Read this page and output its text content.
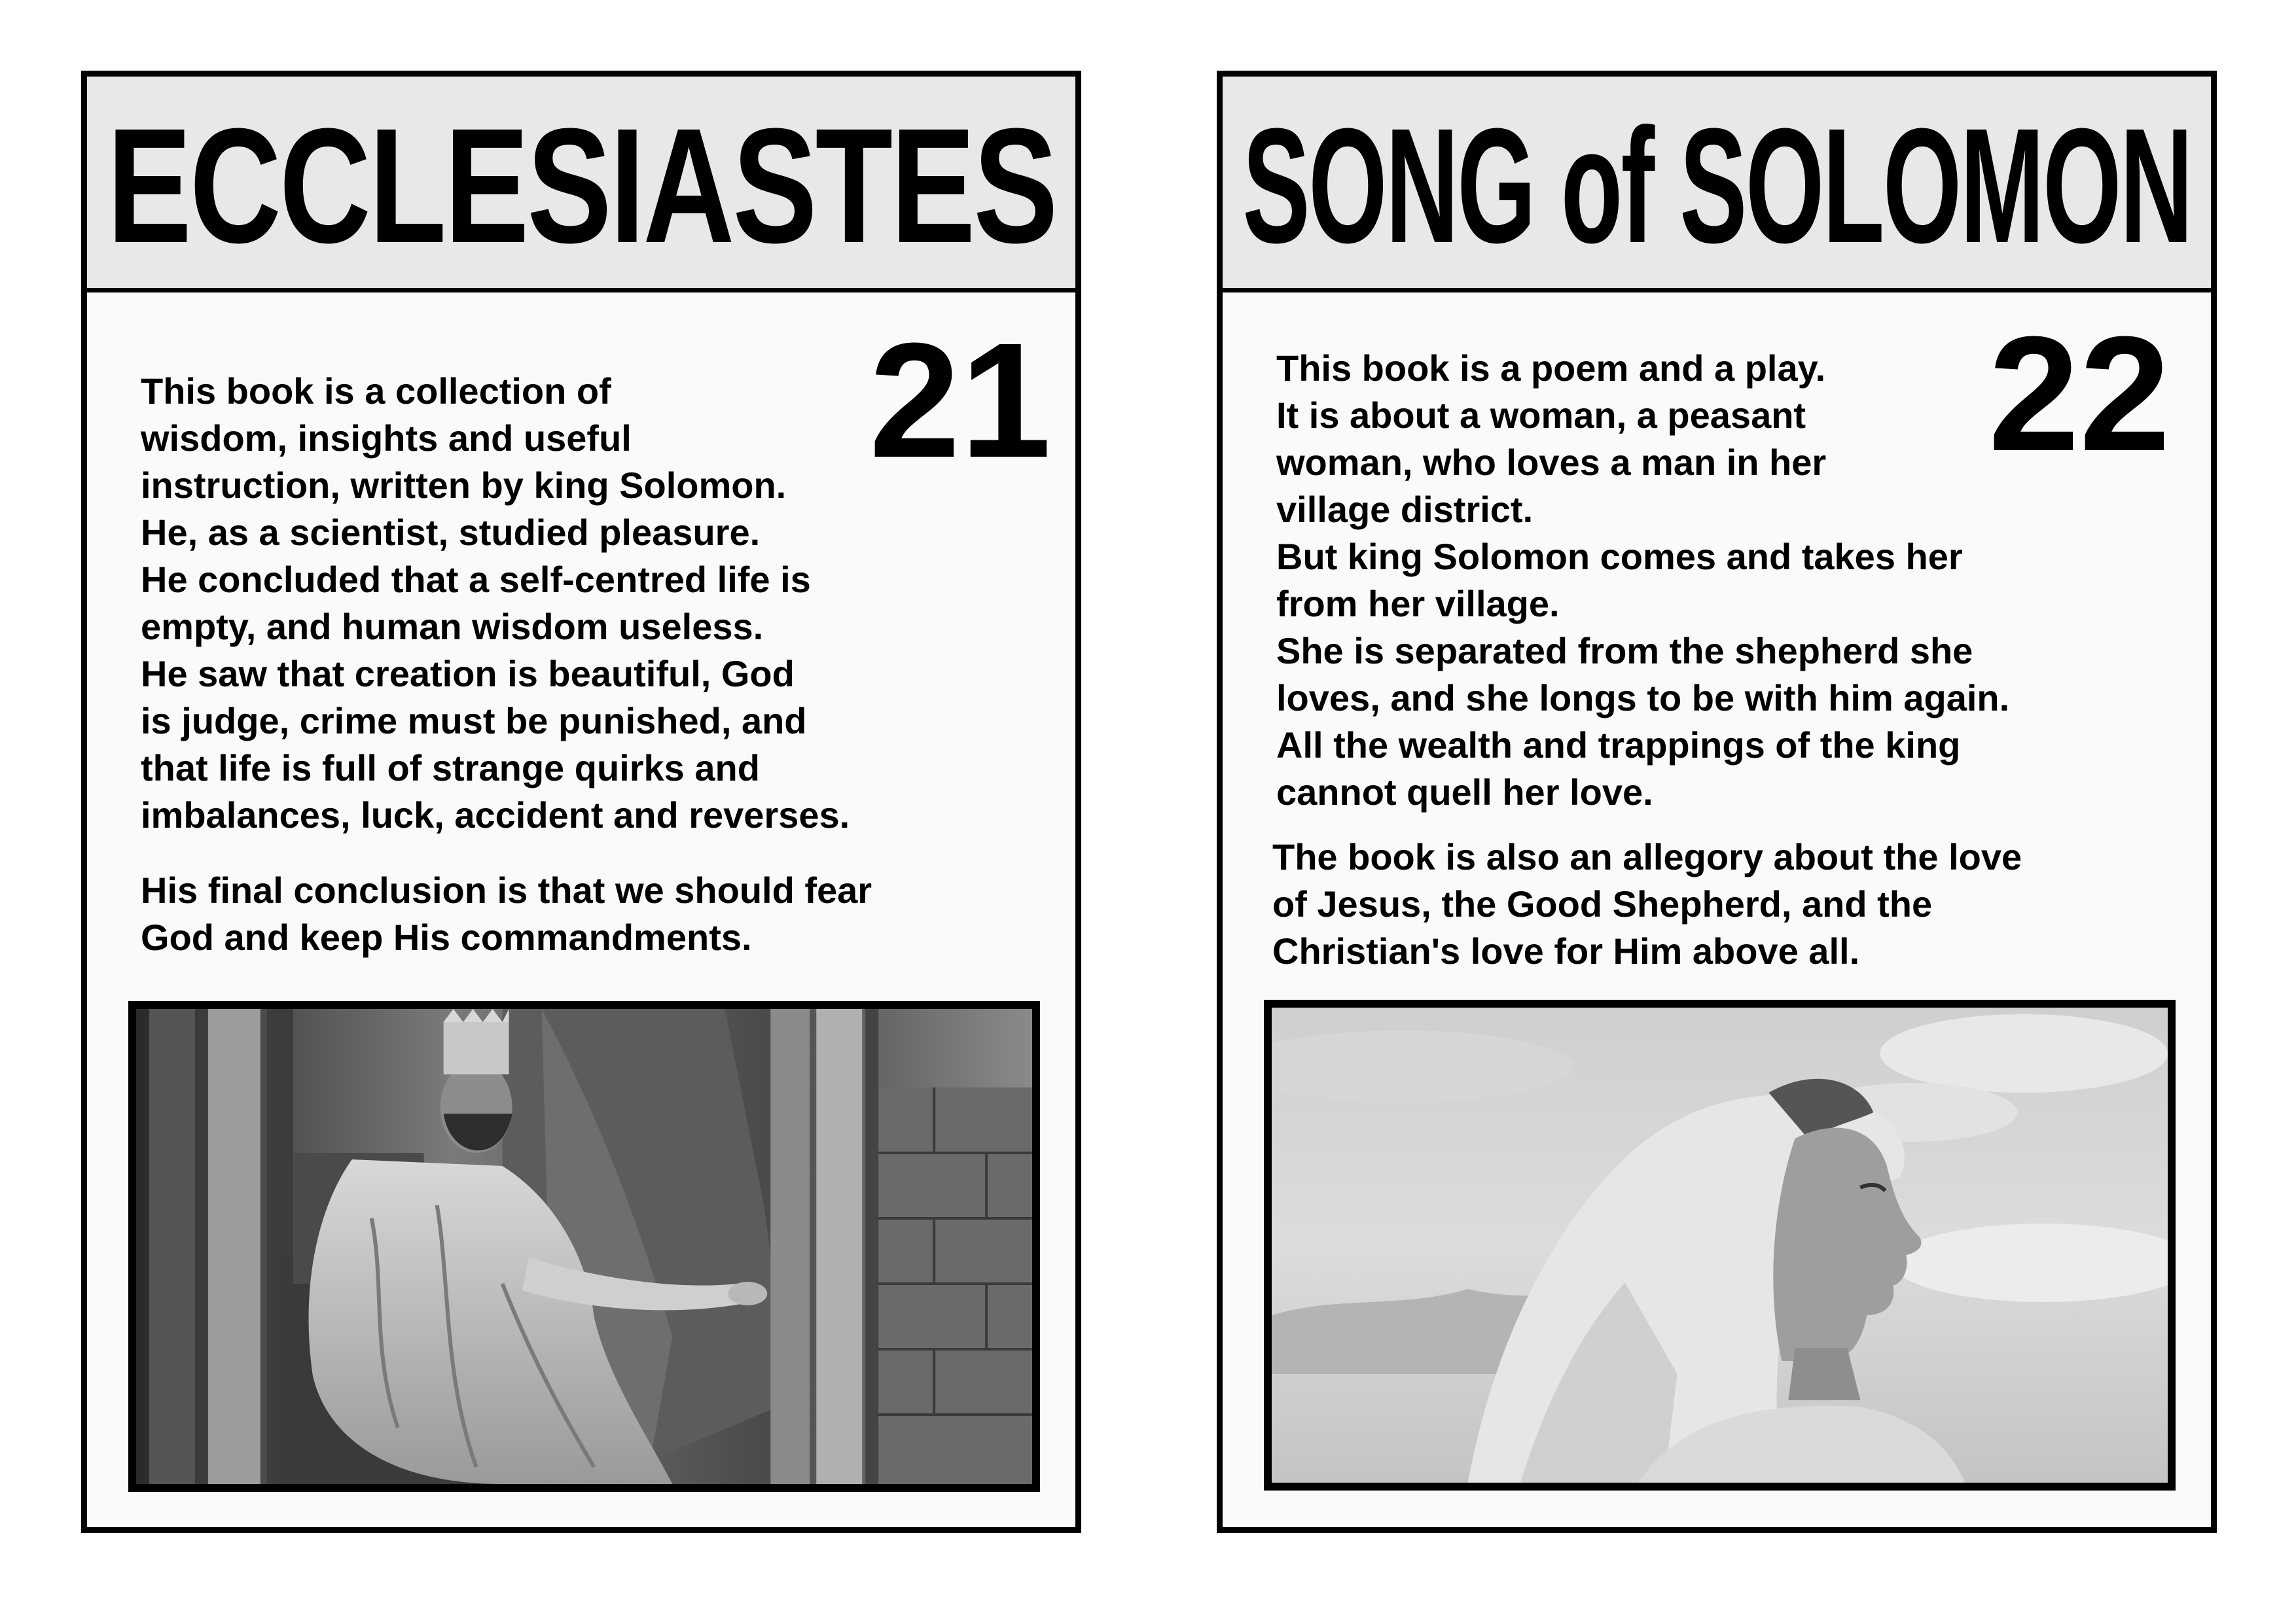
ECCLESIASTES
21

This book is a collection of
wisdom, insights and useful
instruction, written by king Solomon.
He, as a scientist, studied pleasure.
He concluded that a self-centred life is
empty, and human wisdom useless.
He saw that creation is beautiful, God
is judge, crime must be punished, and
that life is full of strange quirks and
imbalances, luck, accident and reverses.

His final conclusion is that we should fear
God and keep His commandments.

SONG of SOLOMON
22

This book is a poem and a play.
It is about a woman, a peasant
woman, who loves a man in her
village district.
But king Solomon comes and takes her
from her village.
She is separated from the shepherd she
loves, and she longs to be with him again.
All the wealth and trappings of the king
cannot quell her love.

The book is also an allegory about the love
of Jesus, the Good Shepherd, and the
Christian's love for Him above all.
